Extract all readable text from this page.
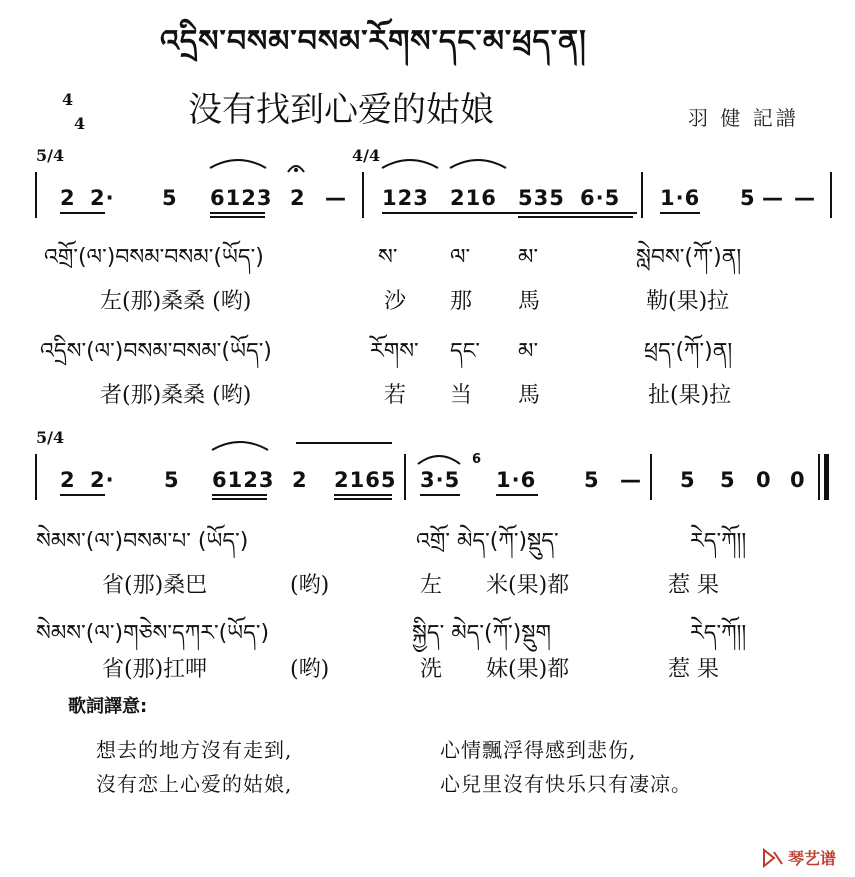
འདྲིས་བསམ་བསམ་རོགས་དང་མ་ཕྲད་ན།
没有找到心爱的姑娘	羽 健 記譜
4
4
5/4	4/4
2 2· 5 6123 2 — 123 216 535 6·5 1·6 5 — —
འགྲོ་(ལ་)བསམ་བསམ་(ཡོད་)	ས་ ལ་ མ་	སླེབས་(ཀོ་)ན།
左(那)桑桑 (哟)	沙 那 馬	勒(果)拉
འདྲིས་(ལ་)བསམ་བསམ་(ཡོད་)	རོགས་ དང་ མ་	ཕྲད་(ཀོ་)ན།
者(那)桑桑 (哟)	若 当 馬	扯(果)拉
5/4
2 2· 5 6123 2 2165 3·5
6
1·6 5 — 5 5 0 0
སེམས་(ལ་)བསམ་པ་ (ཡོད་)	འགྲོ་ མེད་(ཀོ་)སྡུད་	རེད་ཀོ།།
省(那)桑巴	(哟)	左 米(果)都	惹 果
སེམས་(ལ་)གཅེས་དཀར་(ཡོད་)	སྐྱིད་ མེད་(ཀོ་)སྡུག	རེད་ཀོ།།
省(那)扛呷	(哟)	洗 妹(果)都	惹 果
歌詞譯意:
想去的地方沒有走到,	心情飄浮得感到悲伤,
沒有恋上心爱的姑娘,	心兒里沒有快乐只有凄凉。
琴艺谱
